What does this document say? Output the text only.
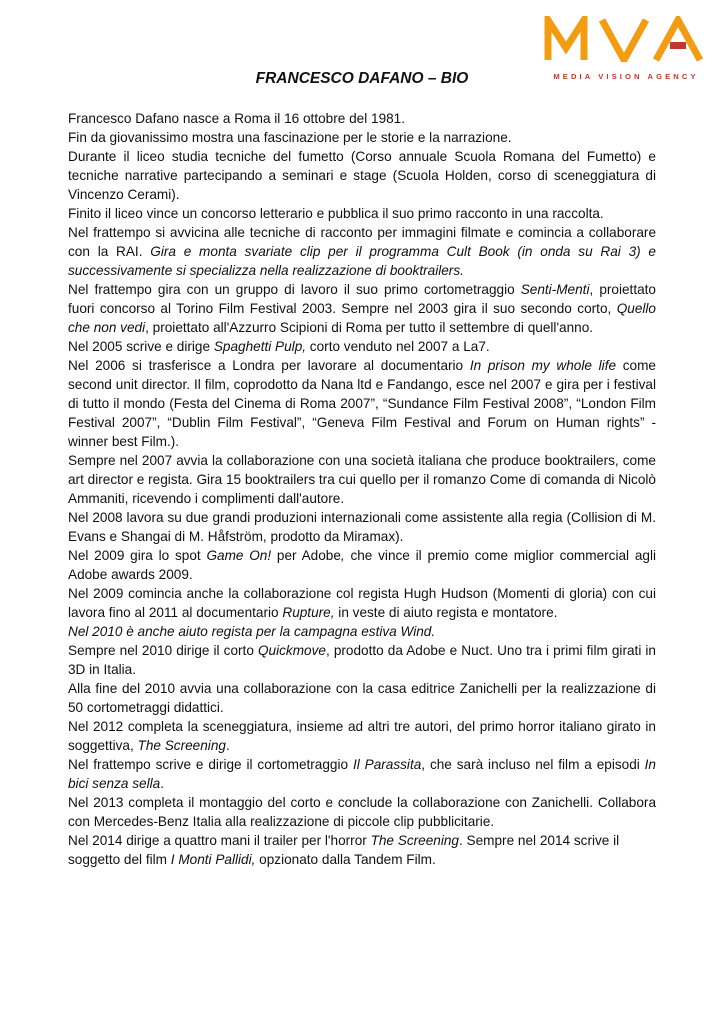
MEDIA VISION AGENCY
FRANCESCO DAFANO – BIO

Francesco Dafano nasce a Roma il 16 ottobre del 1981.

Fin da giovanissimo mostra una fascinazione per le storie e la narrazione.

Durante il liceo studia tecniche del fumetto (Corso annuale Scuola Romana del Fumetto) e tecniche narrative partecipando a seminari e stage (Scuola Holden, corso di sceneggiatura di Vincenzo Cerami).

Finito il liceo vince un concorso letterario e pubblica il suo primo racconto in una raccolta.

Nel frattempo si avvicina alle tecniche di racconto per immagini filmate e comincia a collaborare con la RAI. Gira e monta svariate clip per il programma Cult Book (in onda su Rai 3) e successivamente si specializza nella realizzazione di booktrailers.

Nel frattempo gira con un gruppo di lavoro il suo primo cortometraggio Senti-Menti, proiettato fuori concorso al Torino Film Festival 2003. Sempre nel 2003 gira il suo secondo corto, Quello che non vedi, proiettato all'Azzurro Scipioni di Roma per tutto il settembre di quell'anno.

Nel 2005 scrive e dirige Spaghetti Pulp, corto venduto nel 2007 a La7.

Nel 2006 si trasferisce a Londra per lavorare al documentario In prison my whole life come second unit director. Il film, coprodotto da Nana ltd e Fandango, esce nel 2007 e gira per i festival di tutto il mondo (Festa del Cinema di Roma 2007”, “Sundance Film Festival 2008”, “London Film Festival 2007”, “Dublin Film Festival”, “Geneva Film Festival and Forum on Human rights” - winner best Film.).

Sempre nel 2007 avvia la collaborazione con una società italiana che produce booktrailers, come art director e regista. Gira 15 booktrailers tra cui quello per il romanzo Come di comanda di Nicolò Ammaniti, ricevendo i complimenti dall'autore.

Nel 2008 lavora su due grandi produzioni internazionali come assistente alla regia (Collision di M. Evans e Shangai di M. Håfström, prodotto da Miramax).

Nel 2009 gira lo spot Game On! per Adobe, che vince il premio come miglior commercial agli Adobe awards 2009.

Nel 2009 comincia anche la collaborazione col regista Hugh Hudson (Momenti di gloria) con cui lavora fino al 2011 al documentario Rupture, in veste di aiuto regista e montatore.

Nel 2010 è anche aiuto regista per la campagna estiva Wind.

Sempre nel 2010 dirige il corto Quickmove, prodotto da Adobe e Nuct. Uno tra i primi film girati in 3D in Italia.

Alla fine del 2010 avvia una collaborazione con la casa editrice Zanichelli per la realizzazione di 50 cortometraggi didattici.

Nel 2012 completa la sceneggiatura, insieme ad altri tre autori, del primo horror italiano girato in soggettiva, The Screening.

Nel frattempo scrive e dirige il cortometraggio Il Parassita, che sarà incluso nel film a episodi In bici senza sella.

Nel 2013 completa il montaggio del corto e conclude la collaborazione con Zanichelli. Collabora con Mercedes-Benz Italia alla realizzazione di piccole clip pubblicitarie.

Nel 2014 dirige a quattro mani il trailer per l'horror The Screening. Sempre nel 2014 scrive il soggetto del film I Monti Pallidi, opzionato dalla Tandem Film.
